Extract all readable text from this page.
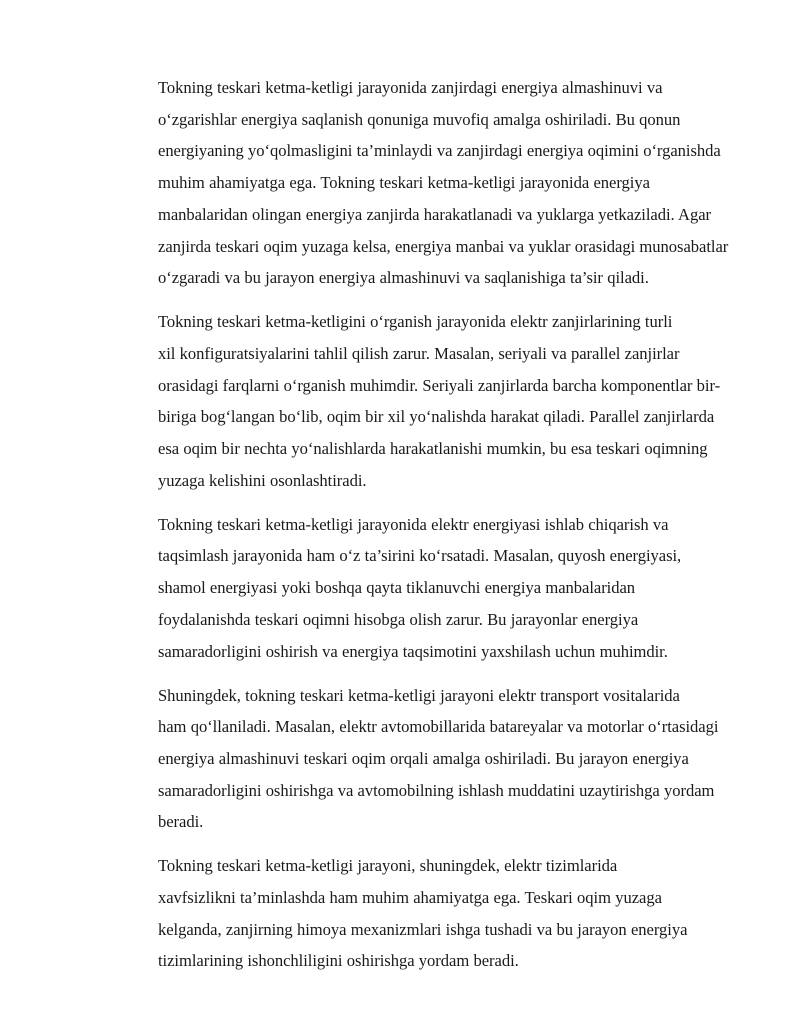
Tokning teskari ketma-ketligi jarayonida zanjirdagi energiya almashinuvi va
o‘zgarishlar energiya saqlanish qonuniga muvofiq amalga oshiriladi. Bu qonun
energiyaning yo‘qolmasligini ta’minlaydi va zanjirdagi energiya oqimini o‘rganishda
muhim ahamiyatga ega. Tokning teskari ketma-ketligi jarayonida energiya
manbalaridan olingan energiya zanjirda harakatlanadi va yuklarga yetkaziladi. Agar
zanjirda teskari oqim yuzaga kelsa, energiya manbai va yuklar orasidagi munosabatlar
o‘zgaradi va bu jarayon energiya almashinuvi va saqlanishiga ta’sir qiladi.

Tokning teskari ketma-ketligini o‘rganish jarayonida elektr zanjirlarining turli
xil konfiguratsiyalarini tahlil qilish zarur. Masalan, seriyali va parallel zanjirlar
orasidagi farqlarni o‘rganish muhimdir. Seriyali zanjirlarda barcha komponentlar bir-
biriga bog‘langan bo‘lib, oqim bir xil yo‘nalishda harakat qiladi. Parallel zanjirlarda
esa oqim bir nechta yo‘nalishlarda harakatlanishi mumkin, bu esa teskari oqimning
yuzaga kelishini osonlashtiradi.

Tokning teskari ketma-ketligi jarayonida elektr energiyasi ishlab chiqarish va
taqsimlash jarayonida ham o‘z ta’sirini ko‘rsatadi. Masalan, quyosh energiyasi,
shamol energiyasi yoki boshqa qayta tiklanuvchi energiya manbalaridan
foydalanishda teskari oqimni hisobga olish zarur. Bu jarayonlar energiya
samaradorligini oshirish va energiya taqsimotini yaxshilash uchun muhimdir.

Shuningdek, tokning teskari ketma-ketligi jarayoni elektr transport vositalarida
ham qo‘llaniladi. Masalan, elektr avtomobillarida batareyalar va motorlar o‘rtasidagi
energiya almashinuvi teskari oqim orqali amalga oshiriladi. Bu jarayon energiya
samaradorligini oshirishga va avtomobilning ishlash muddatini uzaytirishga yordam
beradi.

Tokning teskari ketma-ketligi jarayoni, shuningdek, elektr tizimlarida
xavfsizlikni ta’minlashda ham muhim ahamiyatga ega. Teskari oqim yuzaga
kelganda, zanjirning himoya mexanizmlari ishga tushadi va bu jarayon energiya
tizimlarining ishonchliligini oshirishga yordam beradi.
